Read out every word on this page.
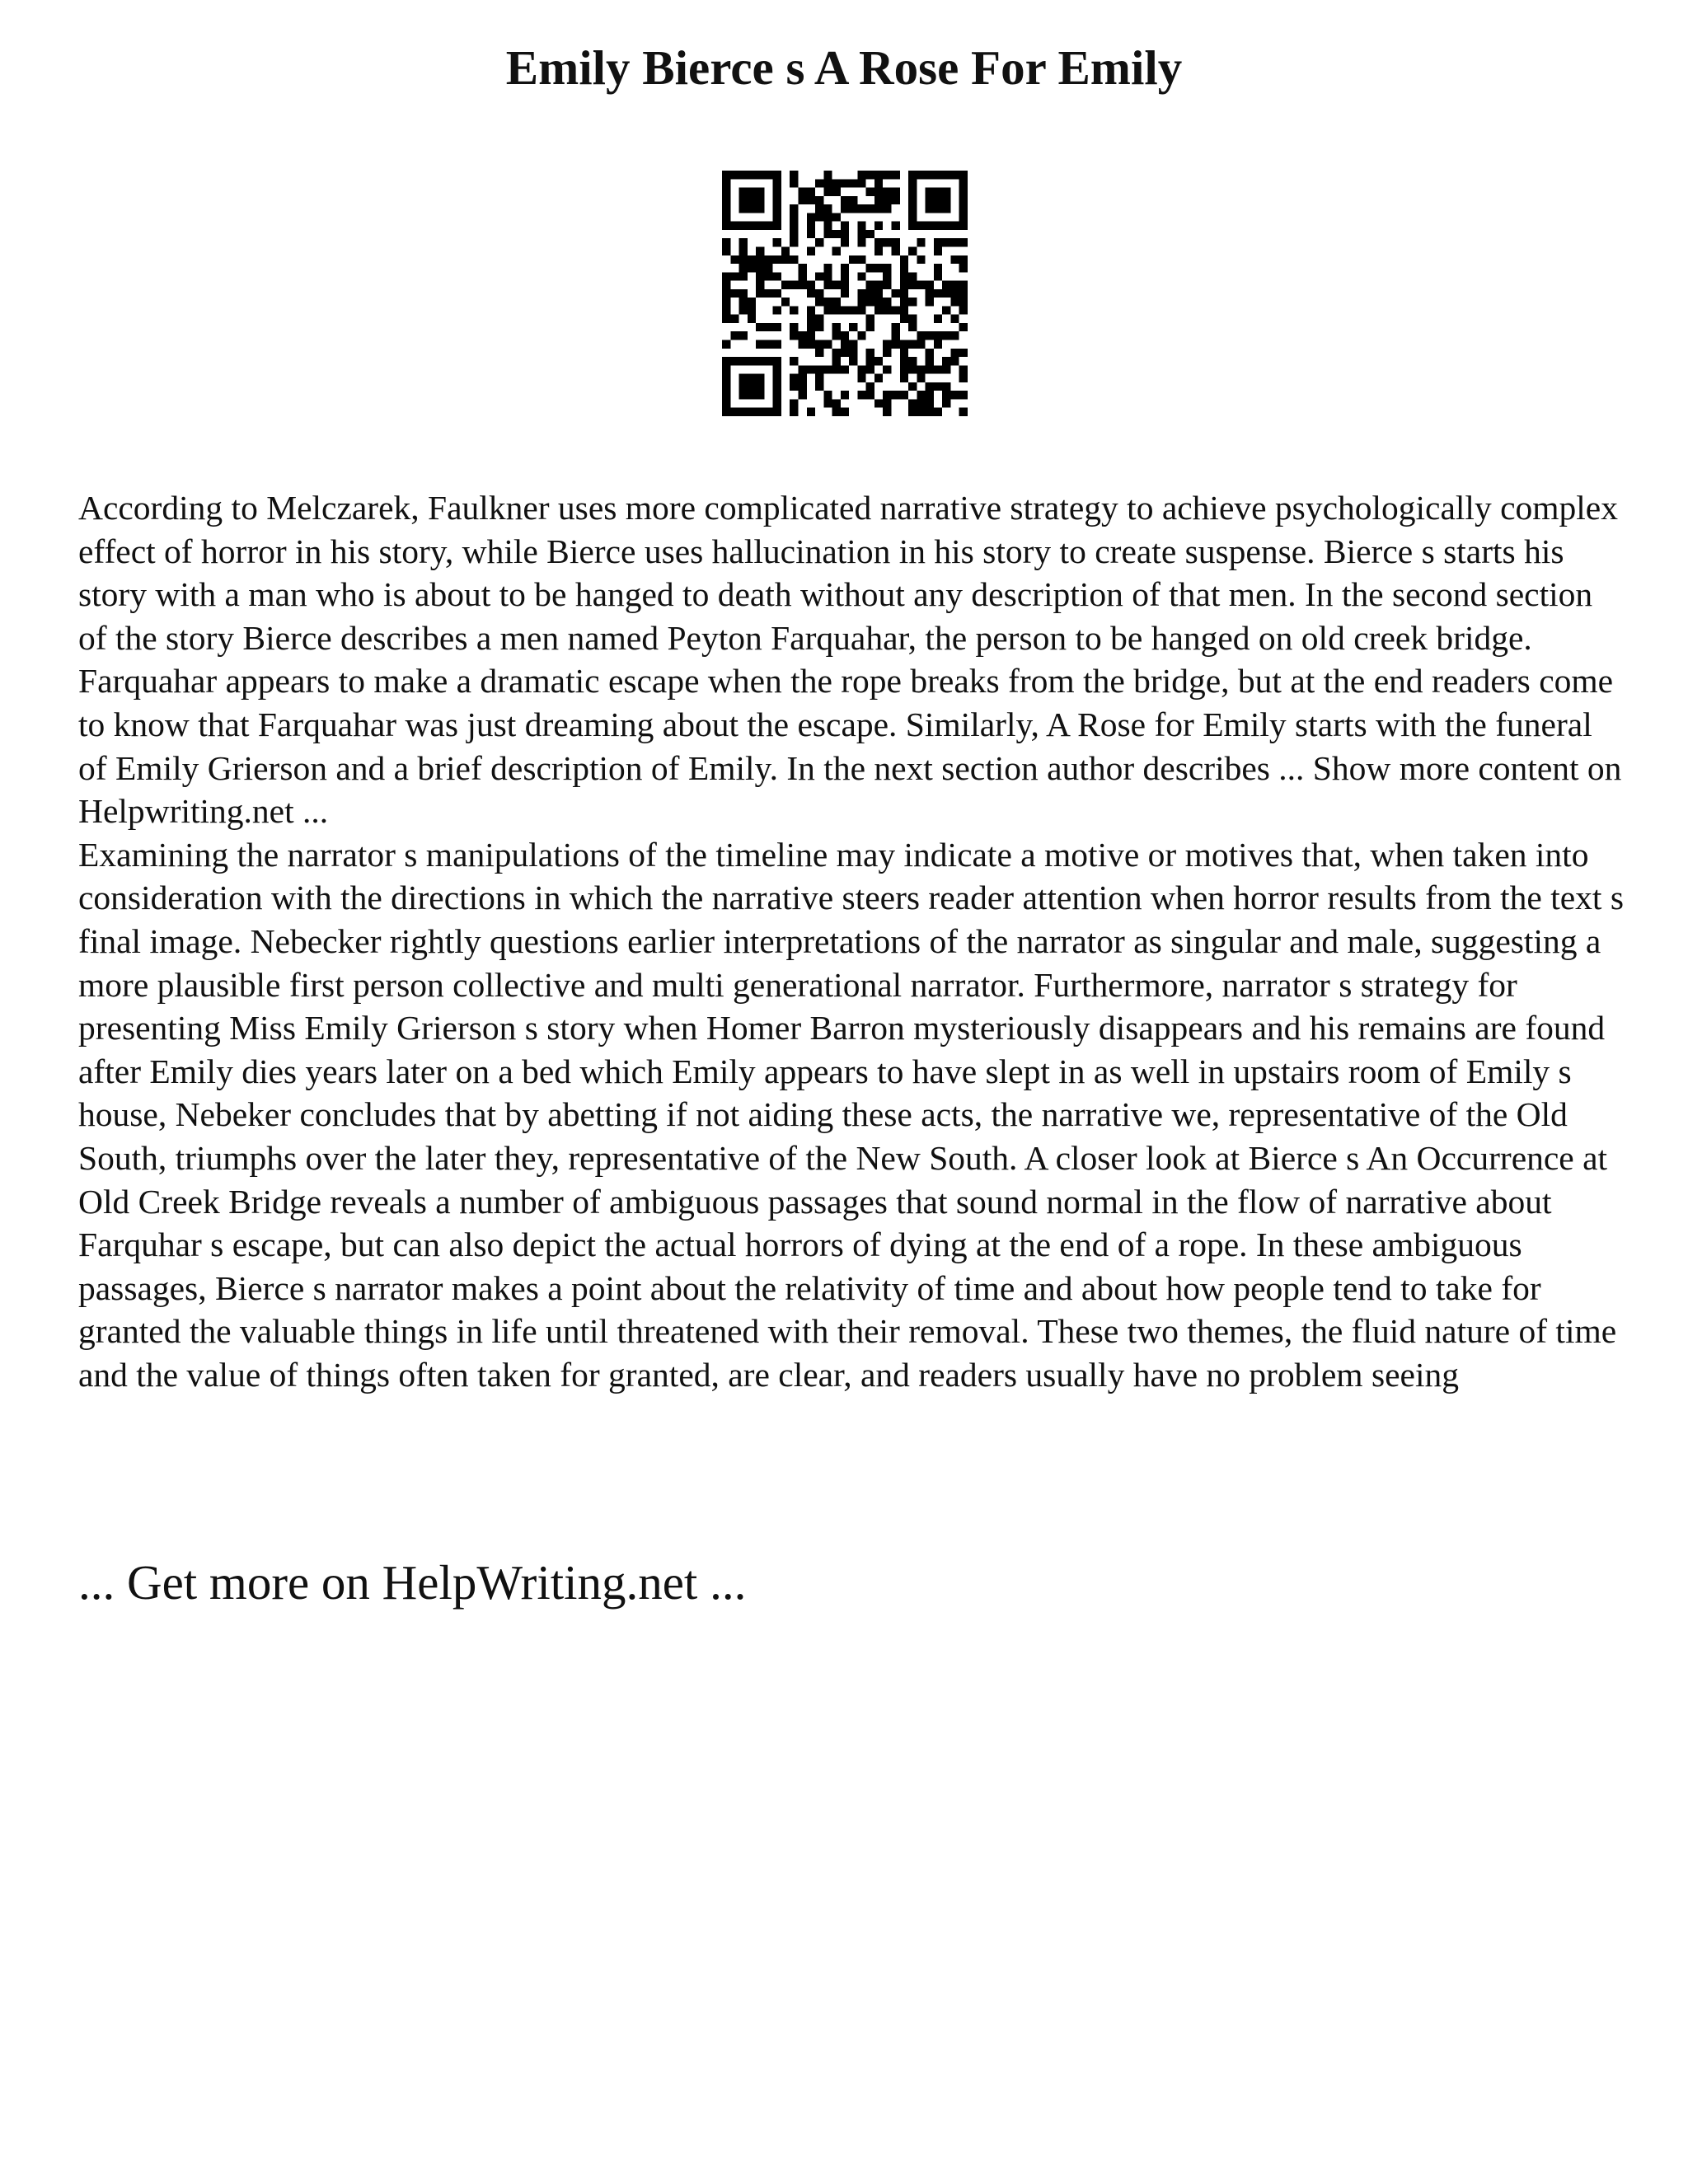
Emily Bierce s A Rose For Emily

According to Melczarek, Faulkner uses more complicated narrative strategy to achieve psychologically complex effect of horror in his story, while Bierce uses hallucination in his story to create suspense. Bierce s starts his story with a man who is about to be hanged to death without any description of that men. In the second section of the story Bierce describes a men named Peyton Farquahar, the person to be hanged on old creek bridge. Farquahar appears to make a dramatic escape when the rope breaks from the bridge, but at the end readers come to know that Farquahar was just dreaming about the escape. Similarly, A Rose for Emily starts with the funeral of Emily Grierson and a brief description of Emily. In the next section author describes ... Show more content on Helpwriting.net ...

Examining the narrator s manipulations of the timeline may indicate a motive or motives that, when taken into consideration with the directions in which the narrative steers reader attention when horror results from the text s final image. Nebecker rightly questions earlier interpretations of the narrator as singular and male, suggesting a more plausible first person collective and multi generational narrator. Furthermore, narrator s strategy for presenting Miss Emily Grierson s story when Homer Barron mysteriously disappears and his remains are found after Emily dies years later on a bed which Emily appears to have slept in as well in upstairs room of Emily s house, Nebeker concludes that by abetting if not aiding these acts, the narrative we, representative of the Old South, triumphs over the later they, representative of the New South. A closer look at Bierce s An Occurrence at Old Creek Bridge reveals a number of ambiguous passages that sound normal in the flow of narrative about Farquhar s escape, but can also depict the actual horrors of dying at the end of a rope. In these ambiguous passages, Bierce s narrator makes a point about the relativity of time and about how people tend to take for granted the valuable things in life until threatened with their removal. These two themes, the fluid nature of time and the value of things often taken for granted, are clear, and readers usually have no problem seeing

... Get more on HelpWriting.net ...
